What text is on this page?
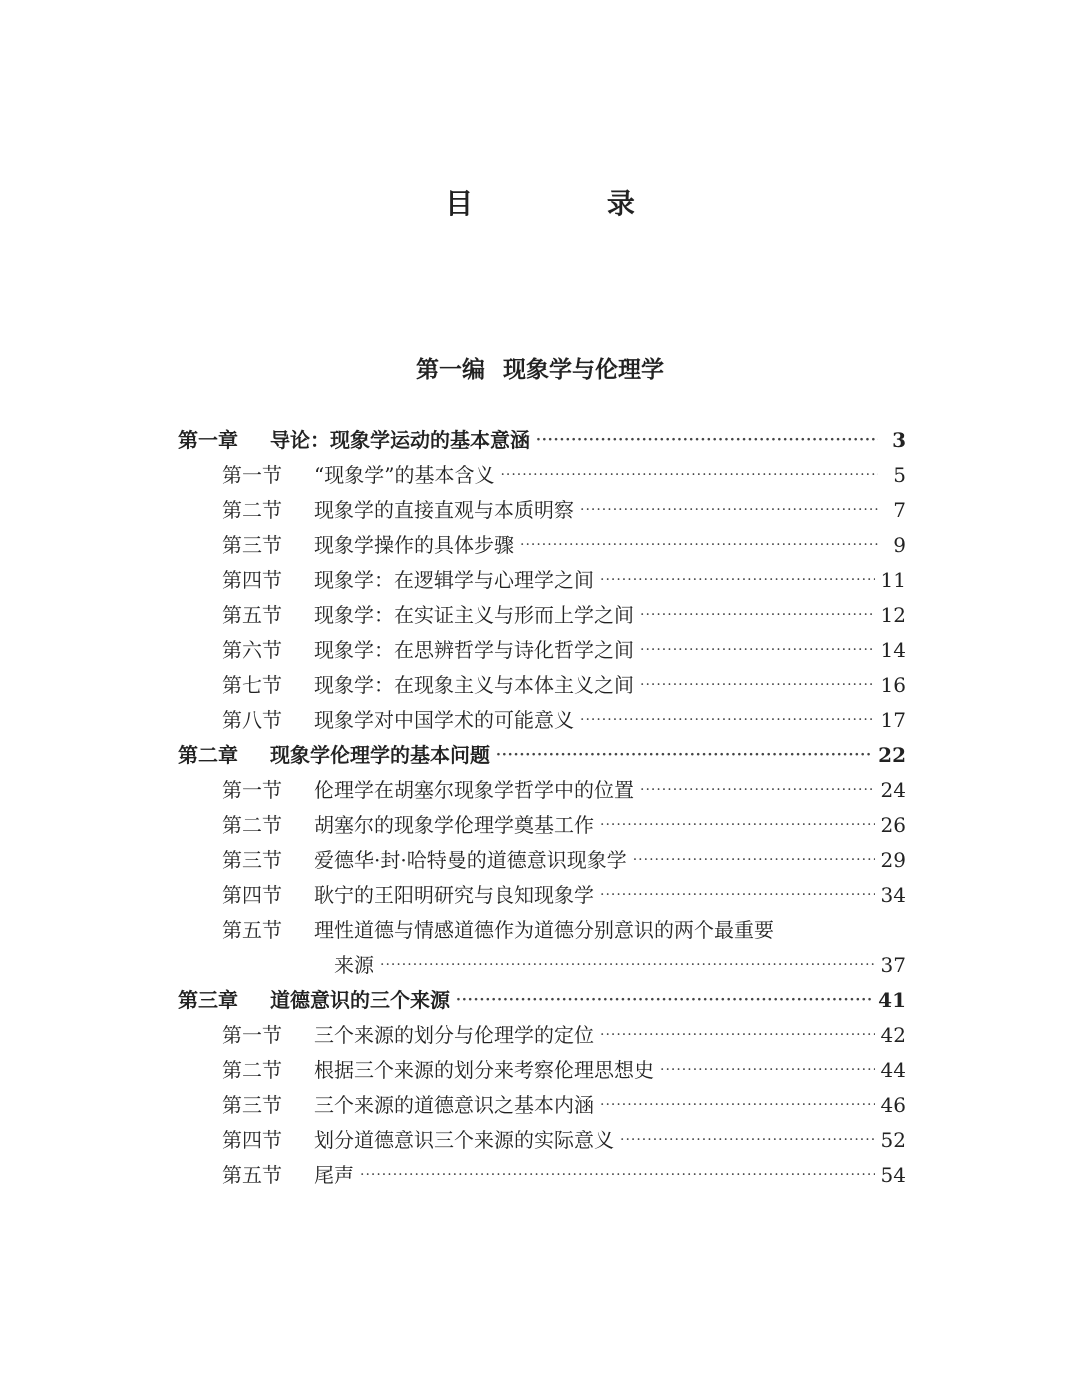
目 录
第一编 现象学与伦理学
第一章 导论：现象学运动的基本意涵 ·····	3
第一节 “现象学”的基本含义 ·····	5
第二节 现象学的直接直观与本质明察 ·····	7
第三节 现象学操作的具体步骤 ·····	9
第四节 现象学：在逻辑学与心理学之间 ·····	11
第五节 现象学：在实证主义与形而上学之间 ·····	12
第六节 现象学：在思辨哲学与诗化哲学之间 ·····	14
第七节 现象学：在现象主义与本体主义之间 ·····	16
第八节 现象学对中国学术的可能意义 ·····	17
第二章 现象学伦理学的基本问题 ·····	22
第一节 伦理学在胡塞尔现象学哲学中的位置 ·····	24
第二节 胡塞尔的现象学伦理学奠基工作 ·····	26
第三节 爱德华·封·哈特曼的道德意识现象学 ·····	29
第四节 耿宁的王阳明研究与良知现象学 ·····	34
第五节 理性道德与情感道德作为道德分别意识的两个最重要
来源 ·····	37
第三章 道德意识的三个来源 ·····	41
第一节 三个来源的划分与伦理学的定位 ·····	42
第二节 根据三个来源的划分来考察伦理思想史 ·····	44
第三节 三个来源的道德意识之基本内涵 ·····	46
第四节 划分道德意识三个来源的实际意义 ·····	52
第五节 尾声 ·····	54
